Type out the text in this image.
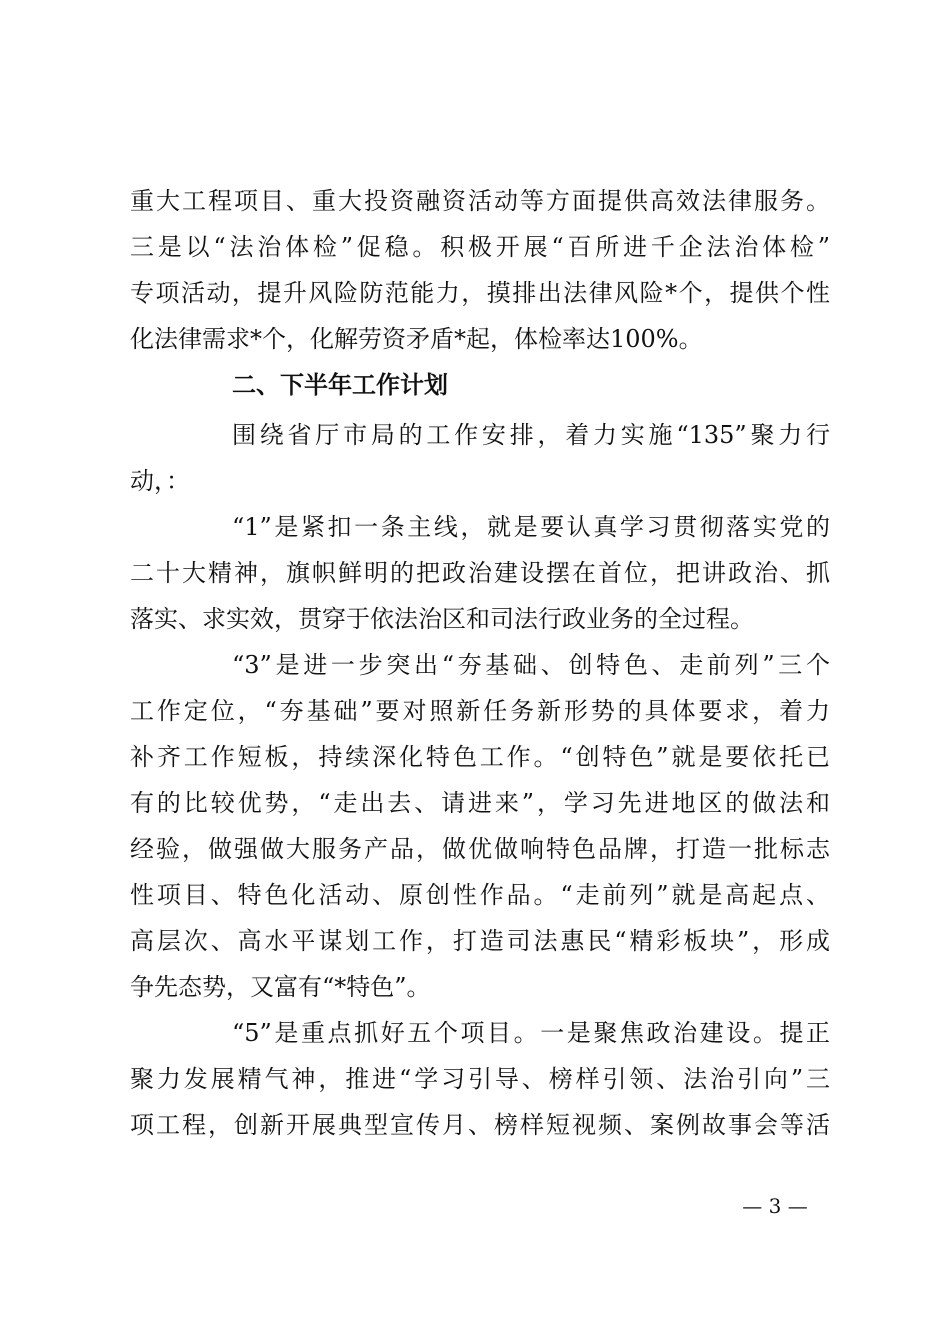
重大工程项目、重大投资融资活动等方面提供高效法律服务。
三是以“法治体检”促稳。积极开展“百所进千企法治体检”
专项活动，提升风险防范能力，摸排出法律风险*个，提供个性
化法律需求*个，化解劳资矛盾*起，体检率达100%。
二、下半年工作计划
围绕省厅市局的工作安排，着力实施“135”聚力行
动，：
“1”是紧扣一条主线，就是要认真学习贯彻落实党的
二十大精神，旗帜鲜明的把政治建设摆在首位，把讲政治、抓
落实、求实效，贯穿于依法治区和司法行政业务的全过程。
“3”是进一步突出“夯基础、创特色、走前列”三个
工作定位，“夯基础”要对照新任务新形势的具体要求，着力
补齐工作短板，持续深化特色工作。“创特色”就是要依托已
有的比较优势，“走出去、请进来”，学习先进地区的做法和
经验，做强做大服务产品，做优做响特色品牌，打造一批标志
性项目、特色化活动、原创性作品。“走前列”就是高起点、
高层次、高水平谋划工作，打造司法惠民“精彩板块”，形成
争先态势，又富有“*特色”。
“5”是重点抓好五个项目。一是聚焦政治建设。提正
聚力发展精气神，推进“学习引导、榜样引领、法治引向”三
项工程，创新开展典型宣传月、榜样短视频、案例故事会等活
— 3 —
